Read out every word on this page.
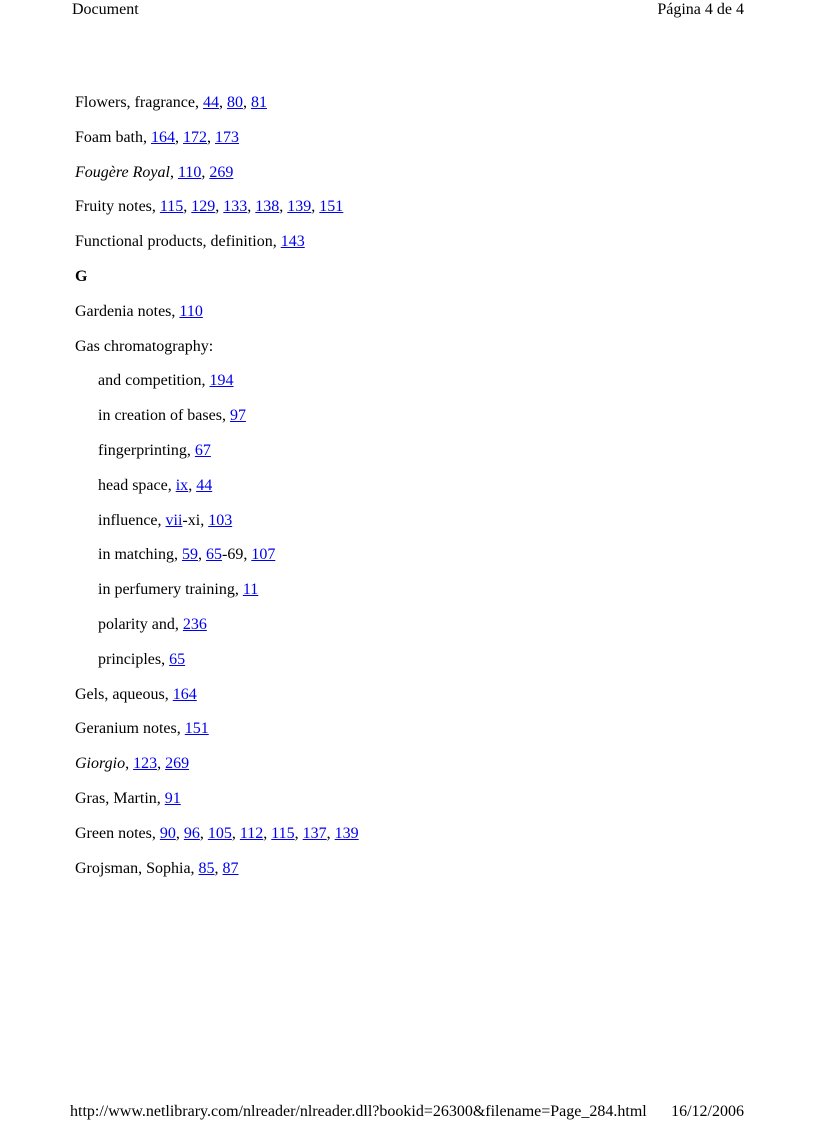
Document	Página 4 de 4
Flowers, fragrance, 44, 80, 81
Foam bath, 164, 172, 173
Fougère Royal, 110, 269
Fruity notes, 115, 129, 133, 138, 139, 151
Functional products, definition, 143
G
Gardenia notes, 110
Gas chromatography:
and competition, 194
in creation of bases, 97
fingerprinting, 67
head space, ix, 44
influence, vii-xi, 103
in matching, 59, 65-69, 107
in perfumery training, 11
polarity and, 236
principles, 65
Gels, aqueous, 164
Geranium notes, 151
Giorgio, 123, 269
Gras, Martin, 91
Green notes, 90, 96, 105, 112, 115, 137, 139
Grojsman, Sophia, 85, 87
http://www.netlibrary.com/nlreader/nlreader.dll?bookid=26300&filename=Page_284.html 16/12/2006
